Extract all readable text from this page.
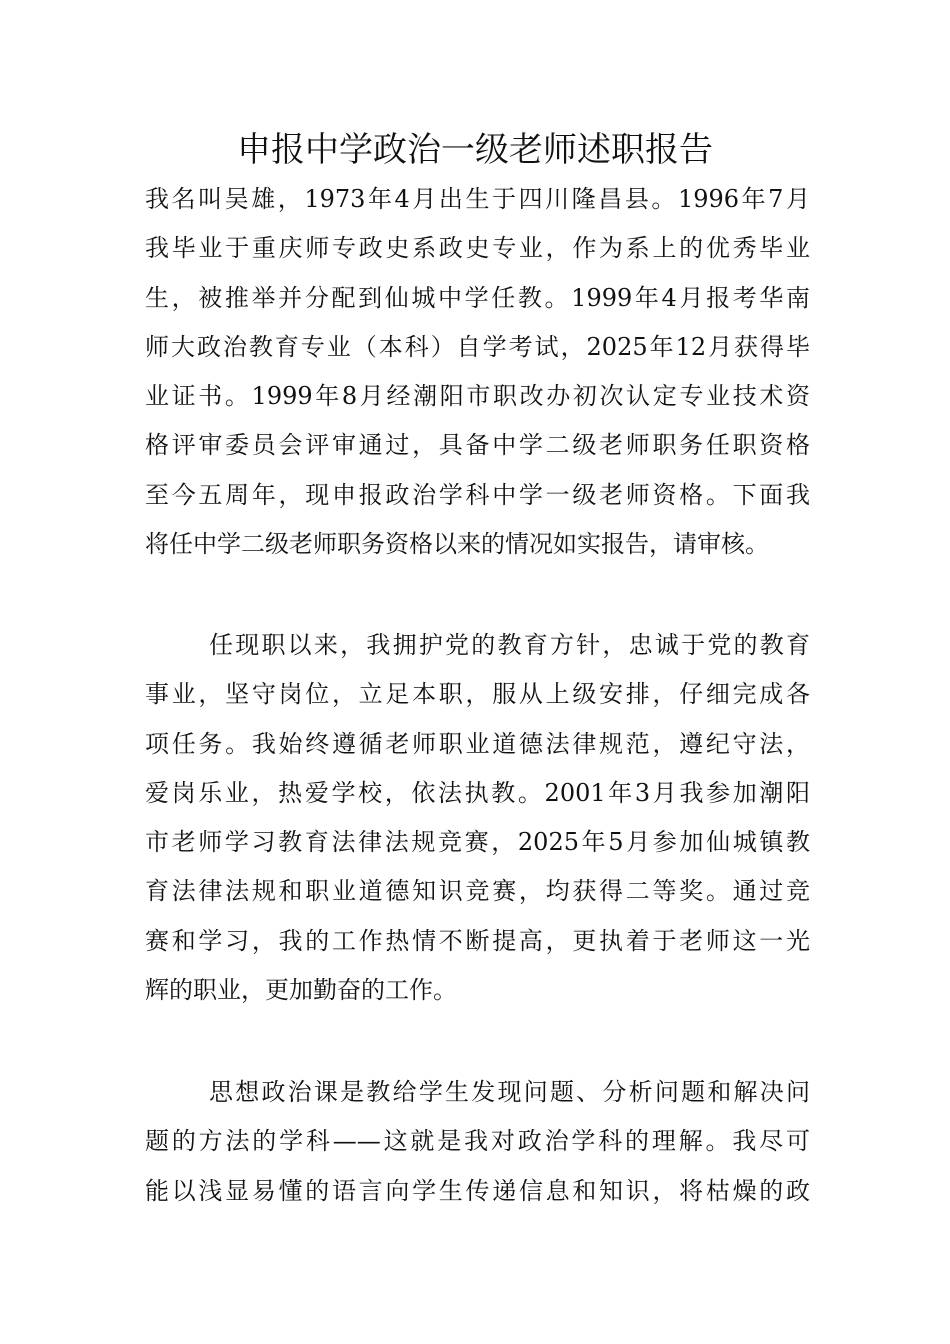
申报中学政治一级老师述职报告
我名叫吴雄，1973年4月出生于四川隆昌县。1996年7月
我毕业于重庆师专政史系政史专业，作为系上的优秀毕业
生，被推举并分配到仙城中学任教。1999年4月报考华南
师大政治教育专业（本科）自学考试，2025年12月获得毕
业证书。1999年8月经潮阳市职改办初次认定专业技术资
格评审委员会评审通过，具备中学二级老师职务任职资格
至今五周年，现申报政治学科中学一级老师资格。下面我
将任中学二级老师职务资格以来的情况如实报告，请审核。
任现职以来，我拥护党的教育方针，忠诚于党的教育
事业，坚守岗位，立足本职，服从上级安排，仔细完成各
项任务。我始终遵循老师职业道德法律规范，遵纪守法，
爱岗乐业，热爱学校，依法执教。2001年3月我参加潮阳
市老师学习教育法律法规竞赛，2025年5月参加仙城镇教
育法律法规和职业道德知识竞赛，均获得二等奖。通过竞
赛和学习，我的工作热情不断提高，更执着于老师这一光
辉的职业，更加勤奋的工作。
思想政治课是教给学生发现问题、分析问题和解决问
题的方法的学科——这就是我对政治学科的理解。我尽可
能以浅显易懂的语言向学生传递信息和知识，将枯燥的政
